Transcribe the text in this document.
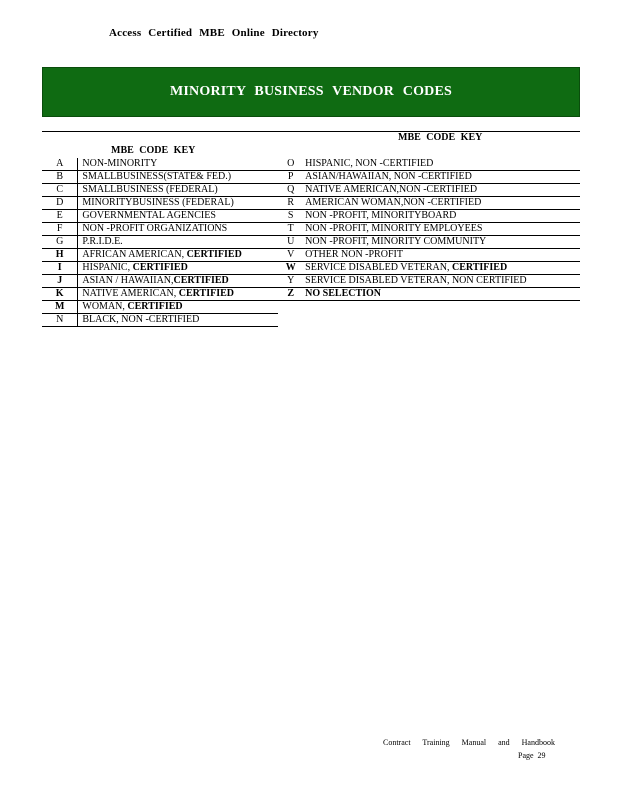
Access Certified MBE Online Directory
MINORITY BUSINESS VENDOR CODES
MBE CODE KEY
MBE CODE KEY
A	NON-MINORITY	O	HISPANIC, NON -CERTIFIED
B	SMALLBUSINESS(STATE& FED.)	P	ASIAN/HAWAIIAN, NON -CERTIFIED
C	SMALLBUSINESS (FEDERAL)	Q	NATIVE AMERICAN,NON -CERTIFIED
D	MINORITYBUSINESS (FEDERAL)	R	AMERICAN WOMAN,NON -CERTIFIED
E	GOVERNMENTAL AGENCIES	S	NON -PROFIT, MINORITYBOARD
F	NON -PROFIT ORGANIZATIONS	T	NON -PROFIT, MINORITY EMPLOYEES
G	P.R.I.D.E.	U	NON -PROFIT, MINORITY COMMUNITY
H	AFRICAN AMERICAN, CERTIFIED	V	OTHER NON -PROFIT
I	HISPANIC, CERTIFIED	W	SERVICE DISABLED VETERAN, CERTIFIED
J	ASIAN / HAWAIIAN,CERTIFIED	Y	SERVICE DISABLED VETERAN, NON CERTIFIED
K	NATIVE AMERICAN, CERTIFIED	Z	NO SELECTION
M	WOMAN, CERTIFIED		
N	BLACK, NON -CERTIFIED		
Contract Training Manual and Handbook
Page 29
